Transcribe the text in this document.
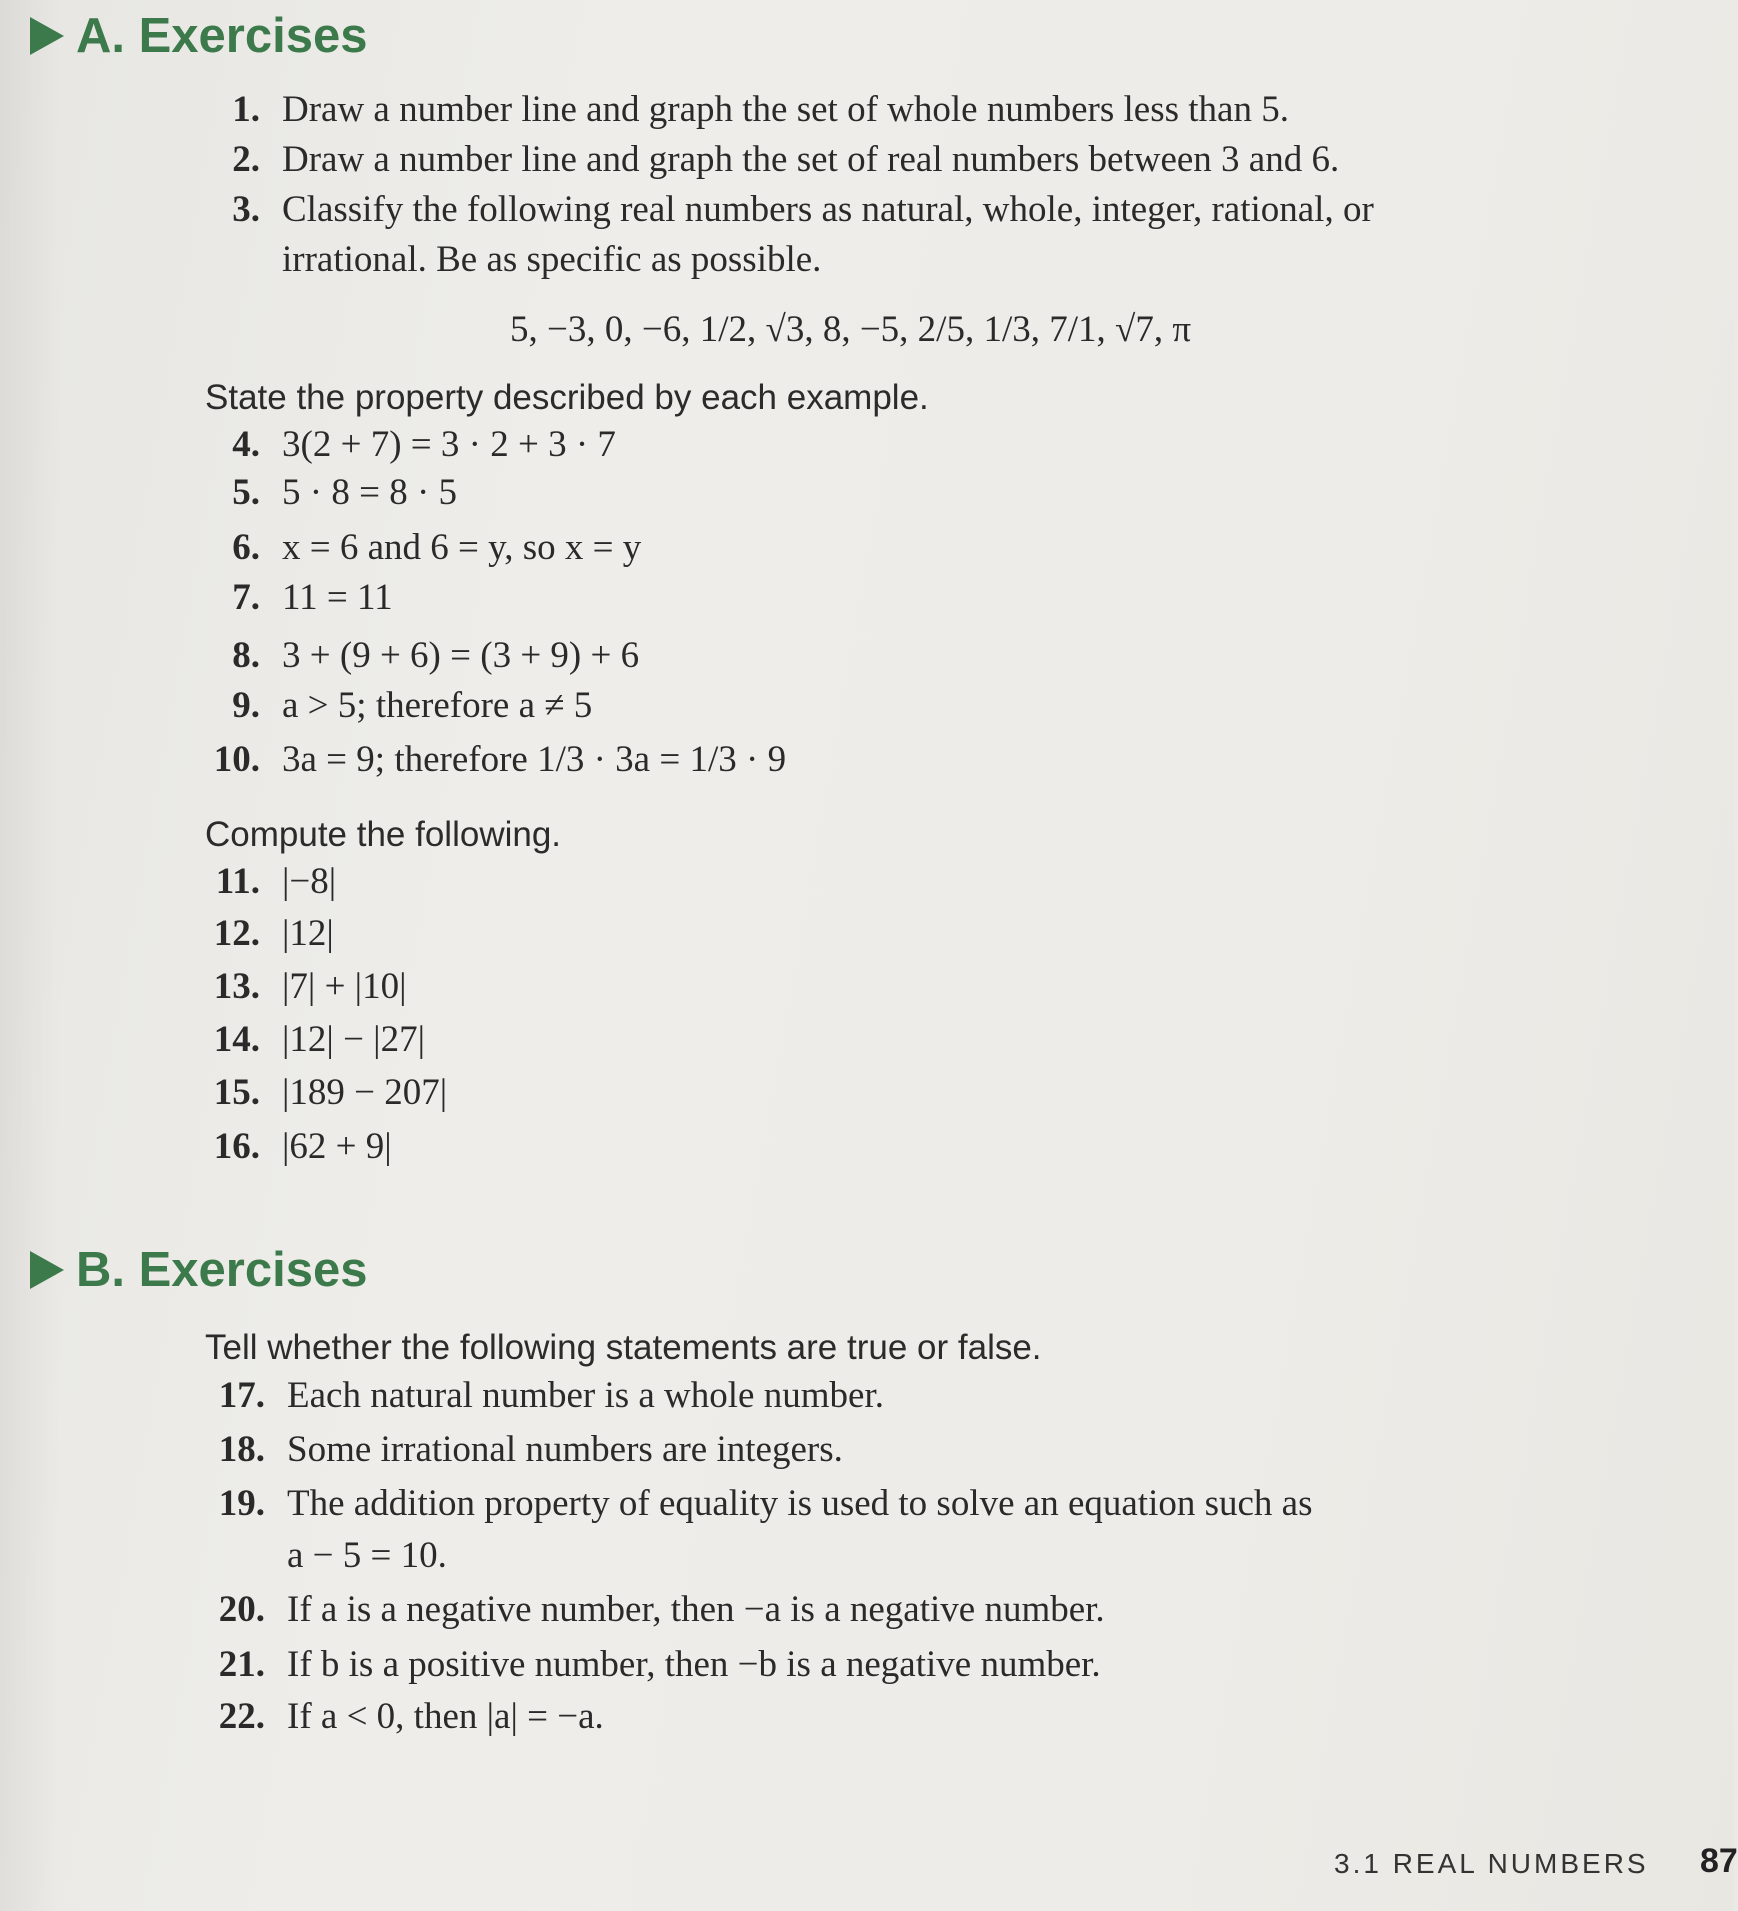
A. Exercises
1. Draw a number line and graph the set of whole numbers less than 5.
2. Draw a number line and graph the set of real numbers between 3 and 6.
3. Classify the following real numbers as natural, whole, integer, rational, or
irrational. Be as specific as possible.
5, −3, 0, −6, 1/2, √3, 8, −5, 2/5, 1/3, 7/1, √7, π
State the property described by each example.
4. 3(2 + 7) = 3 · 2 + 3 · 7
5. 5 · 8 = 8 · 5
6. x = 6 and 6 = y, so x = y
7. 11 = 11
8. 3 + (9 + 6) = (3 + 9) + 6
9. a > 5; therefore a ≠ 5
10. 3a = 9; therefore 1/3 · 3a = 1/3 · 9
Compute the following.
11. |−8|
12. |12|
13. |7| + |10|
14. |12| − |27|
15. |189 − 207|
16. |62 + 9|
B. Exercises
Tell whether the following statements are true or false.
17. Each natural number is a whole number.
18. Some irrational numbers are integers.
19. The addition property of equality is used to solve an equation such as
a − 5 = 10.
20. If a is a negative number, then −a is a negative number.
21. If b is a positive number, then −b is a negative number.
22. If a < 0, then |a| = −a.
3.1 REAL NUMBERS 87
